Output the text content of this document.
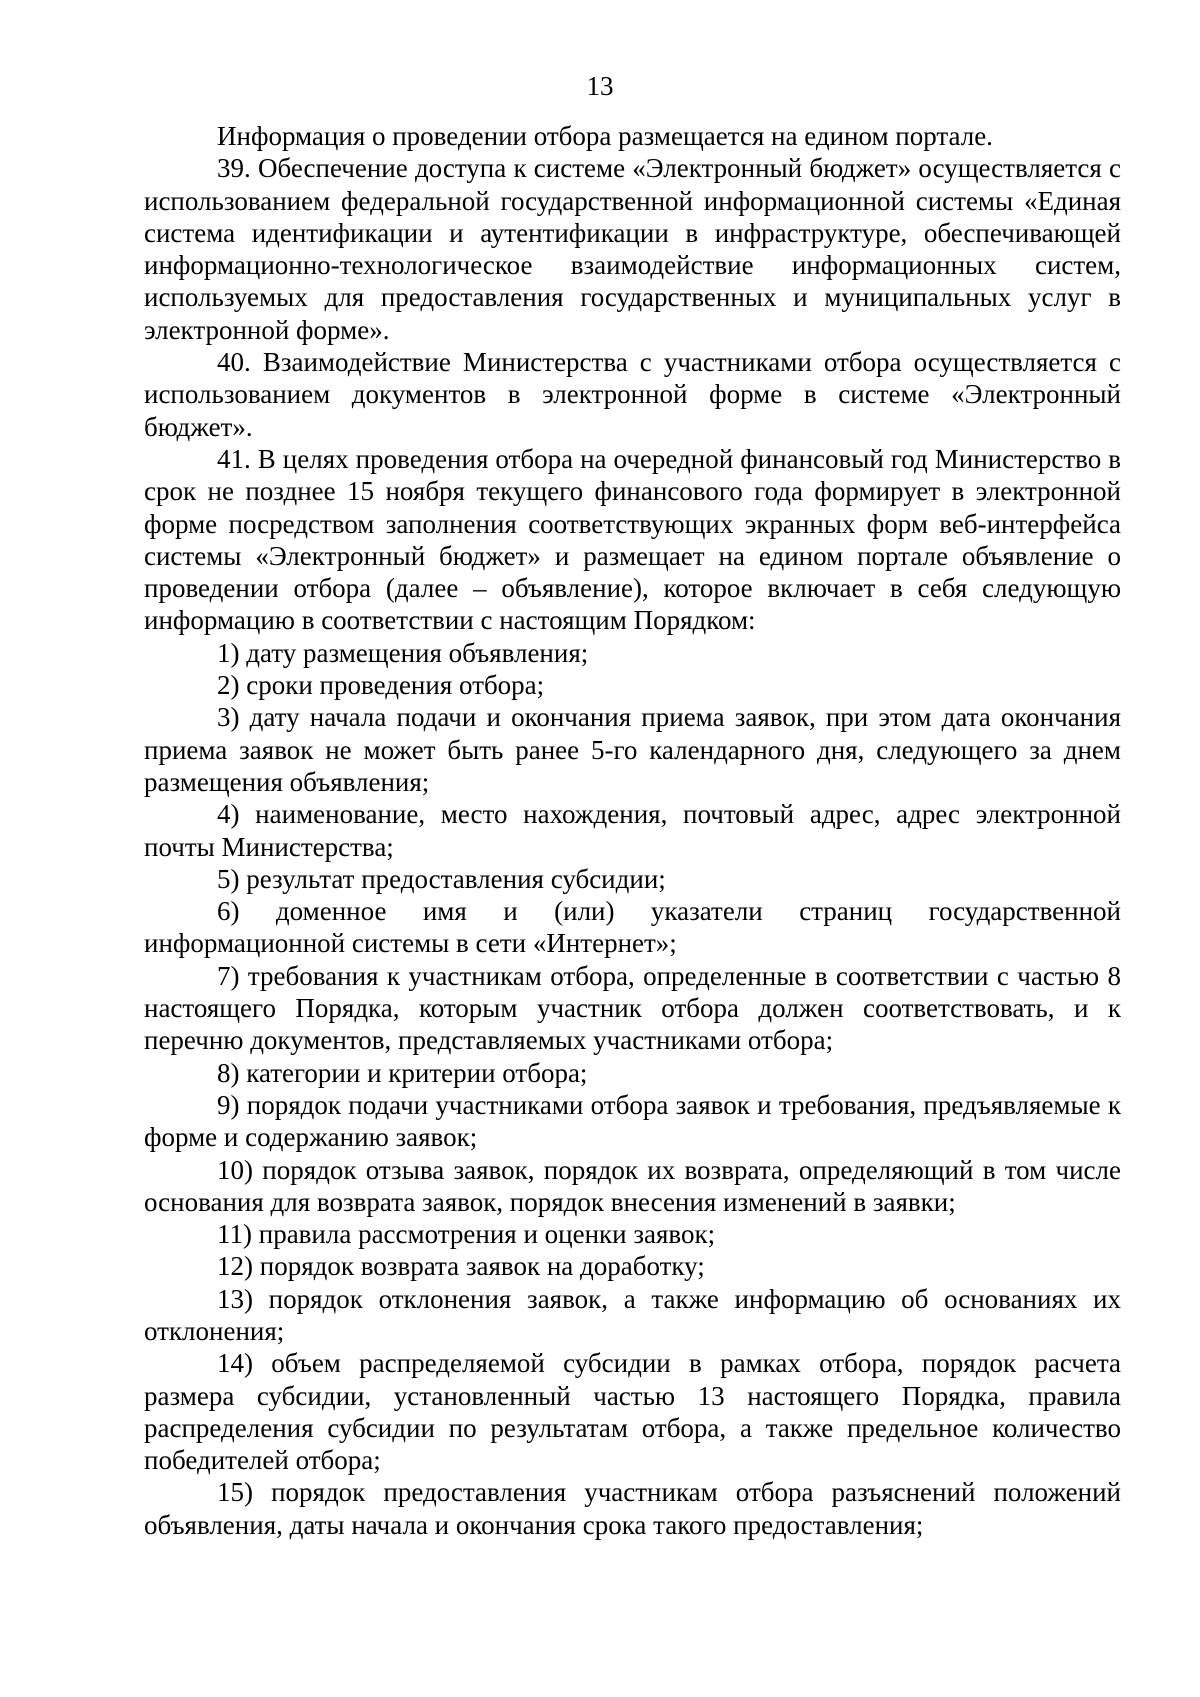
13

Информация о проведении отбора размещается на едином портале.

39. Обеспечение доступа к системе «Электронный бюджет» осуществляется с использованием федеральной государственной информационной системы «Единая система идентификации и аутентификации в инфраструктуре, обеспечивающей информационно-технологическое взаимодействие информационных систем, используемых для предоставления государственных и муниципальных услуг в электронной форме».

40. Взаимодействие Министерства с участниками отбора осуществляется с использованием документов в электронной форме в системе «Электронный бюджет».

41. В целях проведения отбора на очередной финансовый год Министерство в срок не позднее 15 ноября текущего финансового года формирует в электронной форме посредством заполнения соответствующих экранных форм веб-интерфейса системы «Электронный бюджет» и размещает на едином портале объявление о проведении отбора (далее – объявление), которое включает в себя следующую информацию в соответствии с настоящим Порядком:

1) дату размещения объявления;

2) сроки проведения отбора;

3) дату начала подачи и окончания приема заявок, при этом дата окончания приема заявок не может быть ранее 5-го календарного дня, следующего за днем размещения объявления;

4) наименование, место нахождения, почтовый адрес, адрес электронной почты Министерства;

5) результат предоставления субсидии;

6) доменное имя и (или) указатели страниц государственной информационной системы в сети «Интернет»;

7) требования к участникам отбора, определенные в соответствии с частью 8 настоящего Порядка, которым участник отбора должен соответствовать, и к перечню документов, представляемых участниками отбора;

8) категории и критерии отбора;

9) порядок подачи участниками отбора заявок и требования, предъявляемые к форме и содержанию заявок;

10) порядок отзыва заявок, порядок их возврата, определяющий в том числе основания для возврата заявок, порядок внесения изменений в заявки;

11) правила рассмотрения и оценки заявок;

12) порядок возврата заявок на доработку;

13) порядок отклонения заявок, а также информацию об основаниях их отклонения;

14) объем распределяемой субсидии в рамках отбора, порядок расчета размера субсидии, установленный частью 13 настоящего Порядка, правила распределения субсидии по результатам отбора, а также предельное количество победителей отбора;

15) порядок предоставления участникам отбора разъяснений положений объявления, даты начала и окончания срока такого предоставления;
